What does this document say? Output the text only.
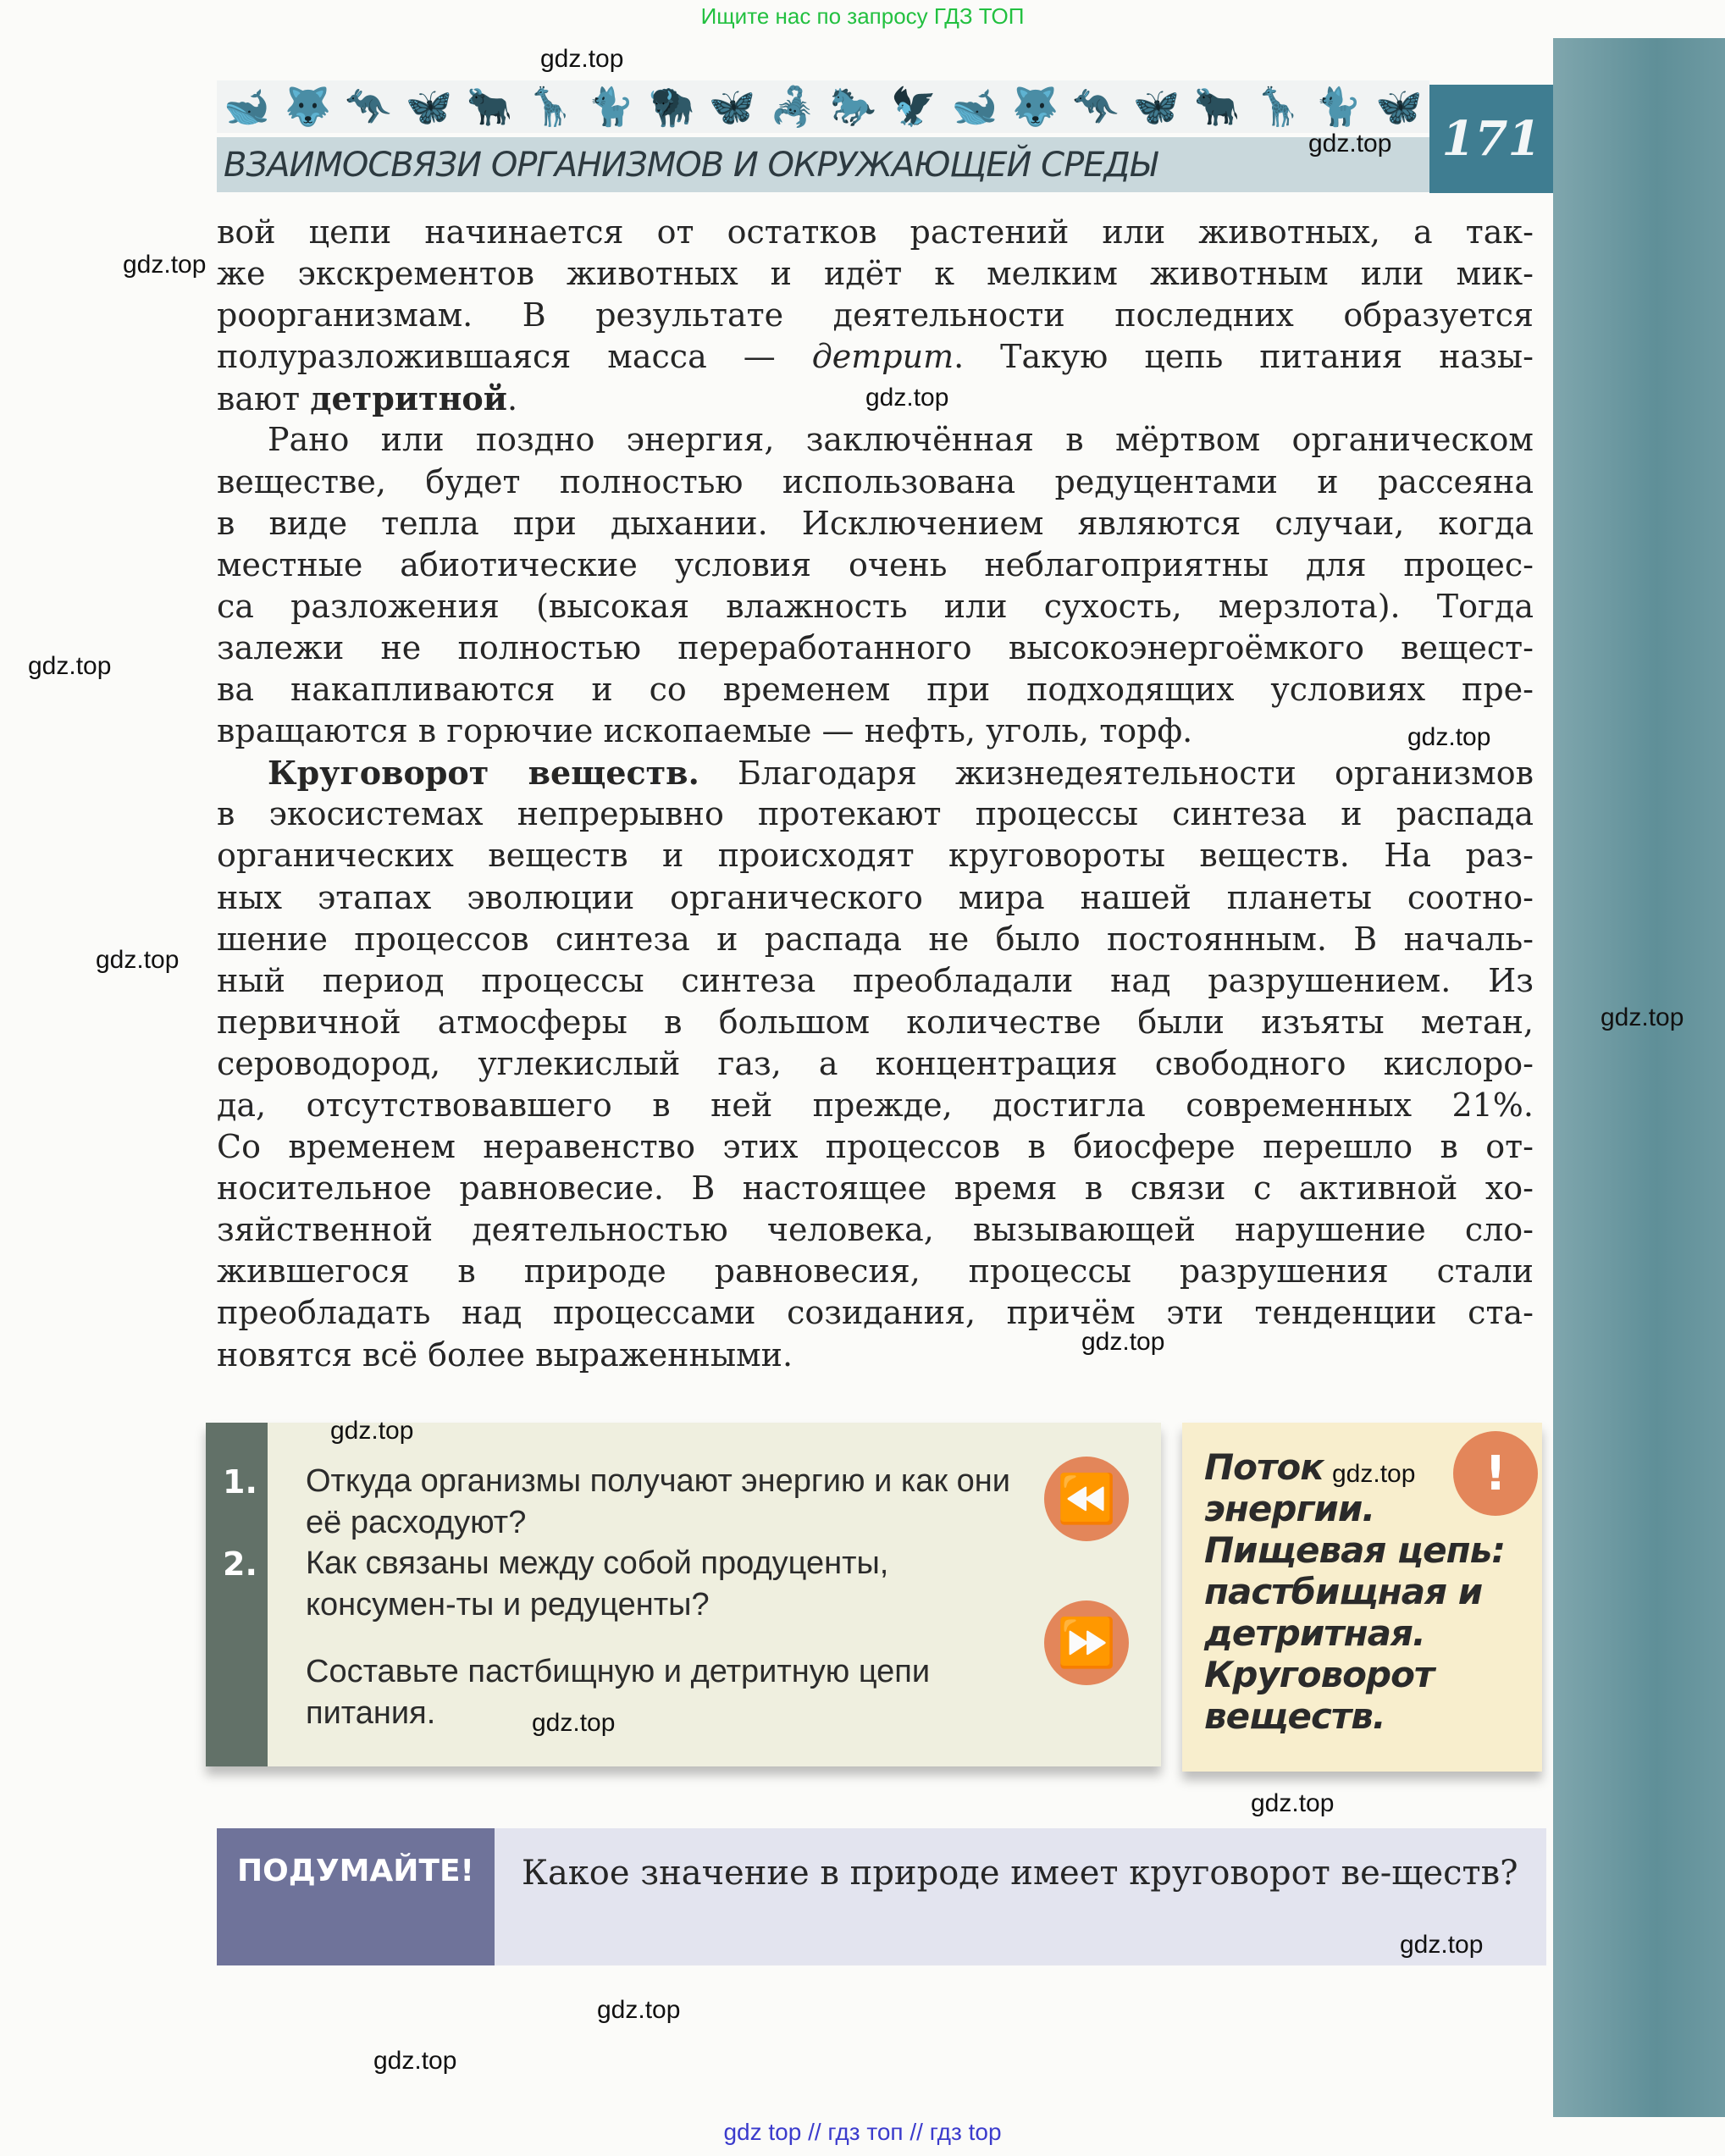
Ищите нас по запросу ГДЗ ТОП
🐋 🐺 🦘 🦋 🐂 🦒 🐈 🦬 🦋 🦂 🐎 🦅 🐋 🐺 🦘 🦋 🐂 🦒 🐈 🦋
ВЗАИМОСВЯЗИ ОРГАНИЗМОВ И ОКРУЖАЮЩЕЙ СРЕДЫ	171
вой цепи начинается от остатков растений или животных, а так-
же экскрементов животных и идёт к мелким животным или мик-
роорганизмам. В результате деятельности последних образуется
полуразложившаяся масса — детрит. Такую цепь питания назы-
вают детритной.
Рано или поздно энергия, заключённая в мёртвом органическом
веществе, будет полностью использована редуцентами и рассеяна
в виде тепла при дыхании. Исключением являются случаи, когда
местные абиотические условия очень неблагоприятны для процес-
са разложения (высокая влажность или сухость, мерзлота). Тогда
залежи не полностью переработанного высокоэнергоёмкого вещест-
ва накапливаются и со временем при подходящих условиях пре-
вращаются в горючие ископаемые — нефть, уголь, торф.
Круговорот веществ. Благодаря жизнедеятельности организмов
в экосистемах непрерывно протекают процессы синтеза и распада
органических веществ и происходят круговороты веществ. На раз-
ных этапах эволюции органического мира нашей планеты соотно-
шение процессов синтеза и распада не было постоянным. В началь-
ный период процессы синтеза преобладали над разрушением. Из
первичной атмосферы в большом количестве были изъяты метан,
сероводород, углекислый газ, а концентрация свободного кислоро-
да, отсутствовавшего в ней прежде, достигла современных 21%.
Со временем неравенство этих процессов в биосфере перешло в от-
носительное равновесие. В настоящее время в связи с активной хо-
зяйственной деятельностью человека, вызывающей нарушение сло-
жившегося в природе равновесия, процессы разрушения стали
преобладать над процессами созидания, причём эти тенденции ста-
новятся всё более выраженными.
1. Откуда организмы получают энергию и как они её расходуют?
2. Как связаны между собой продуценты, консумен-ты и редуценты?
Составьте пастбищную и детритную цепи питания.
⏪
⏩
!
Поток
энергии.
Пищевая цепь:
пастбищная и
детритная.
Круговорот
веществ.
ПОДУМАЙТЕ!	Какое значение в природе имеет круговорот ве-ществ?
gdz.top
gdz.top
gdz.top
gdz.top
gdz.top
gdz.top
gdz.top
gdz.top
gdz.top
gdz.top
gdz.top
gdz.top
gdz.top
gdz.top
gdz.top
gdz.top
gdz top // гдз топ // гдз top
